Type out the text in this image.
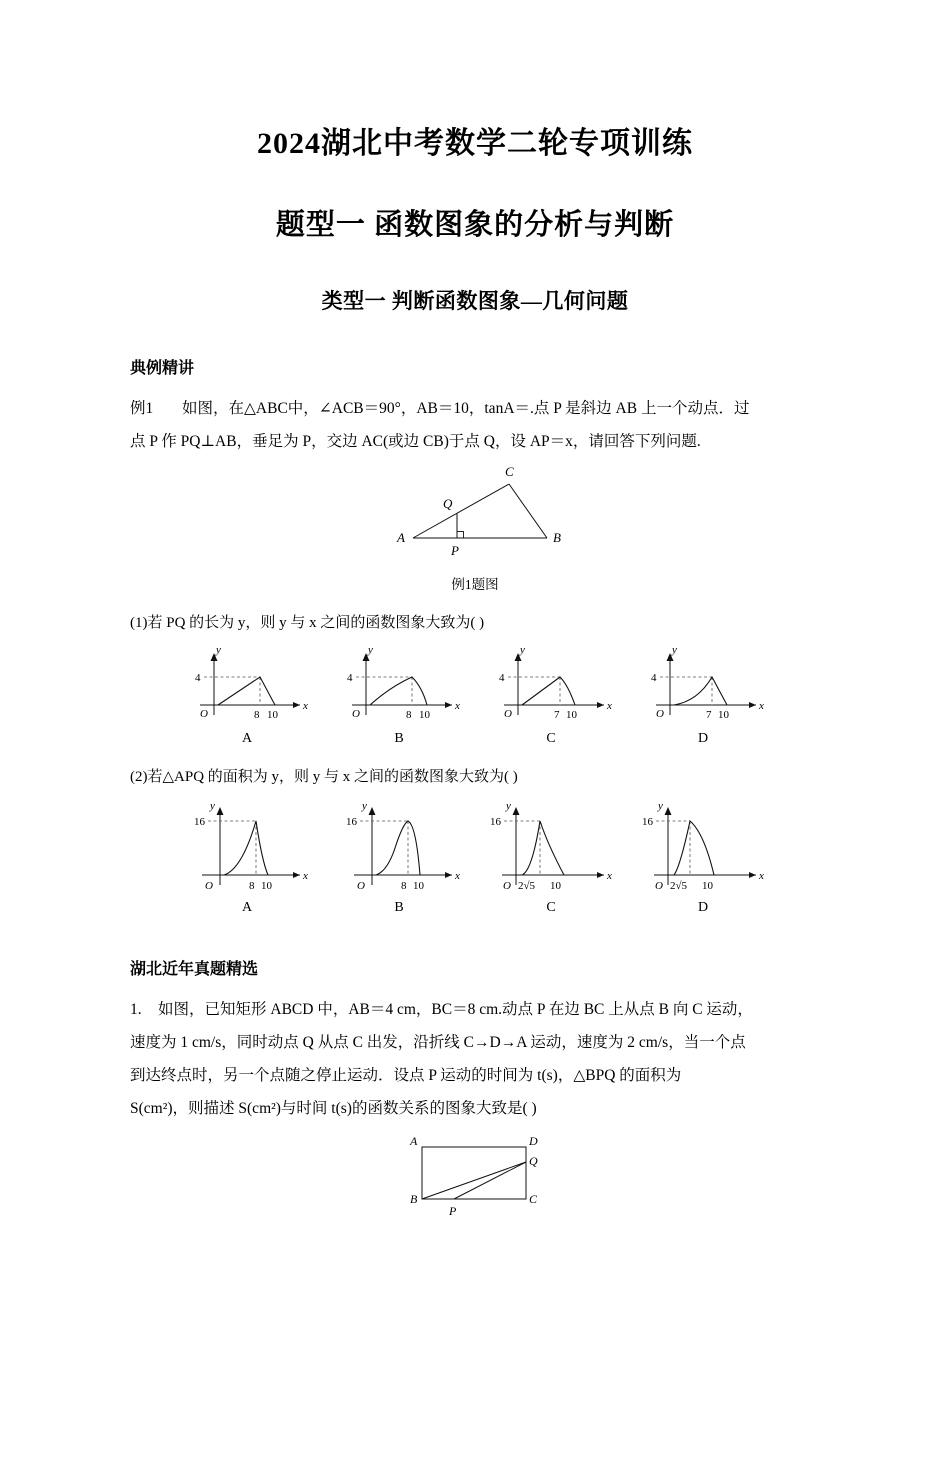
2024湖北中考数学二轮专项训练
题型一 函数图象的分析与判断
类型一 判断函数图象—几何问题
典例精讲
例1 如图，在△ABC中，∠ACB＝90°，AB＝10，tanA＝.点 P 是斜边 AB 上一个动点．过
点 P 作 PQ⊥AB，垂足为 P，交边 AC(或边 CB)于点 Q，设 AP＝x，请回答下列问题.
A	B
C
P
Q
例1题图
(1)若 PQ 的长为 y，则 y 与 x 之间的函数图象大致为( )
y
x
O
4
8 10
A
y
x
O
4
8 10
B
y
x
O
4
7 10
C
y
x
O
4
7 10
D
(2)若△APQ 的面积为 y，则 y 与 x 之间的函数图象大致为( )
y
x
O
16
8 10
A
y
x
O
16
8 10
B
y
x
O
16
2√5 10
C
y
x
O
16
2√5 10
D
湖北近年真题精选
1. 如图，已知矩形 ABCD 中，AB＝4 cm，BC＝8 cm.动点 P 在边 BC 上从点 B 向 C 运动，
速度为 1 cm/s，同时动点 Q 从点 C 出发，沿折线 C→D→A 运动，速度为 2 cm/s，当一个点
到达终点时，另一个点随之停止运动．设点 P 运动的时间为 t(s)，△BPQ 的面积为
S(cm²)，则描述 S(cm²)与时间 t(s)的函数关系的图象大致是( )
A	D
B	C
Q
P
